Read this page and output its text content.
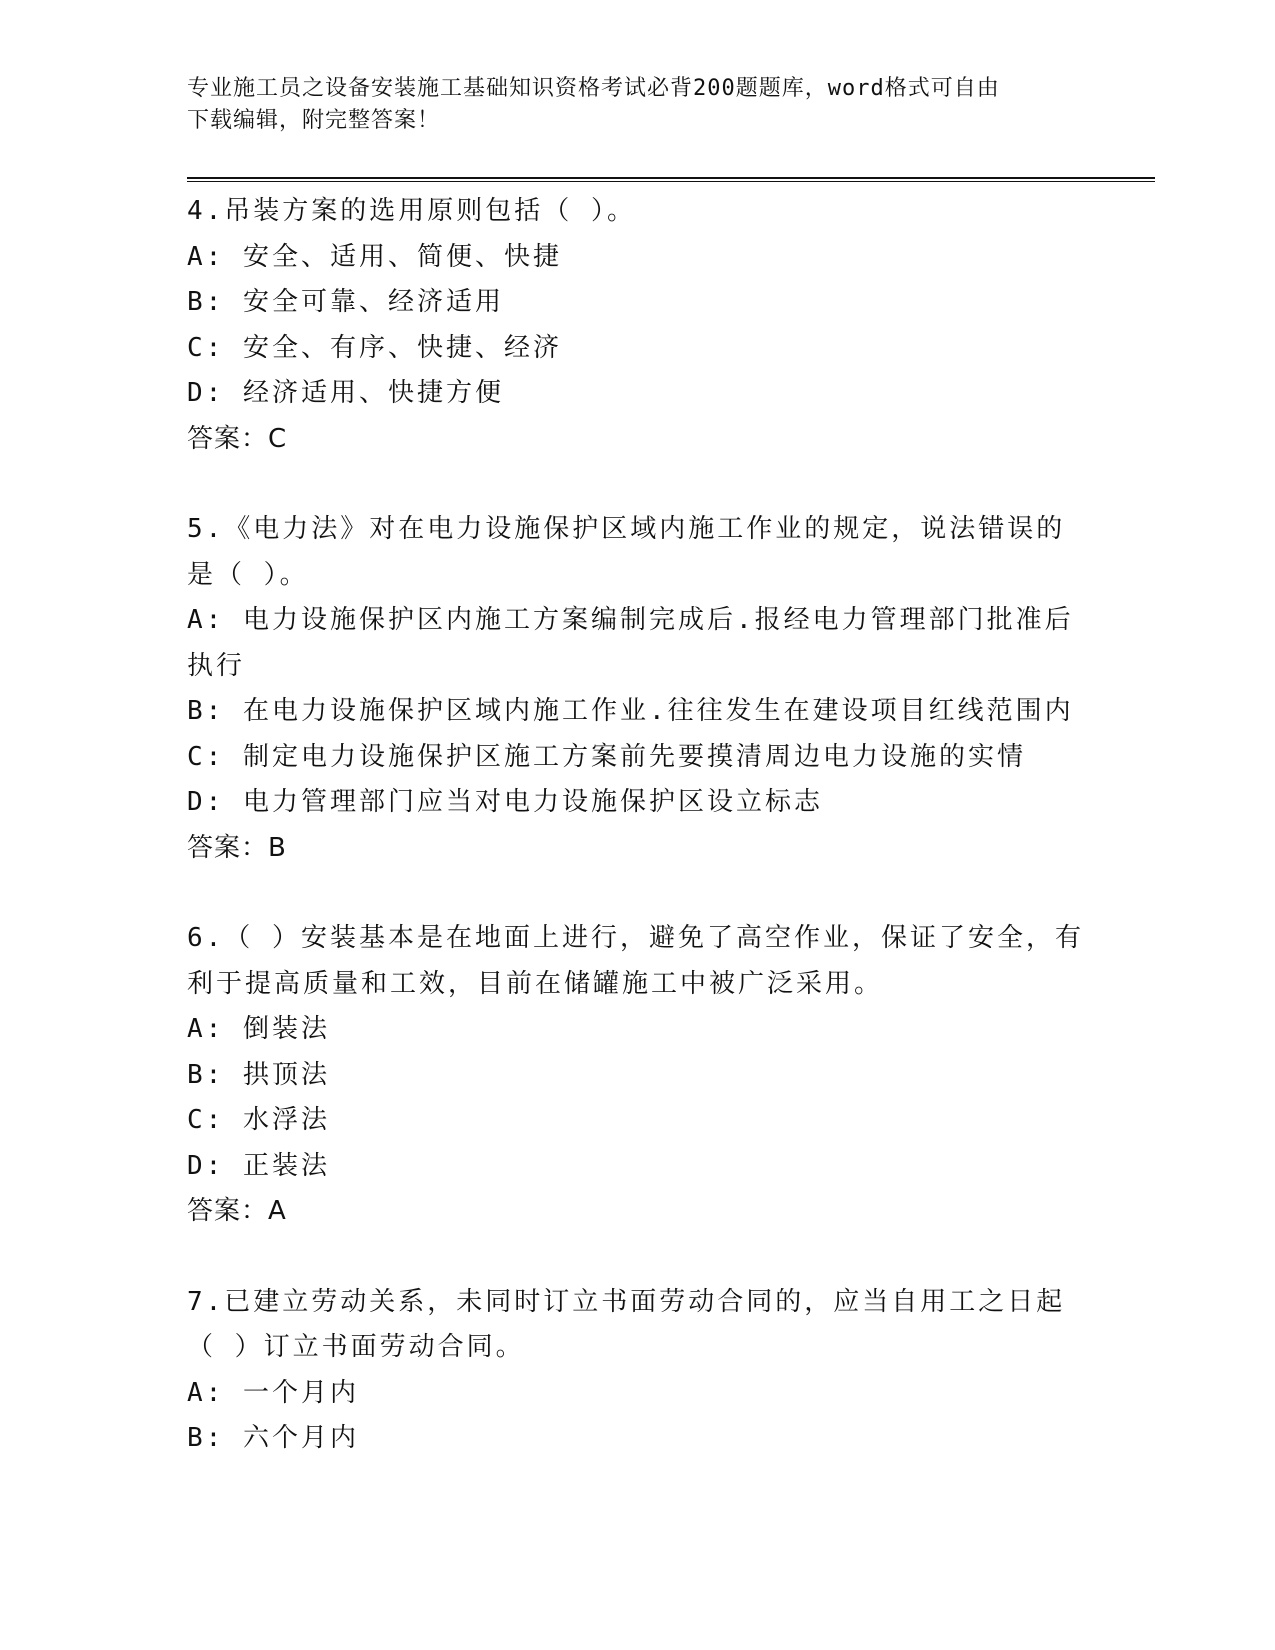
专业施工员之设备安装施工基础知识资格考试必背200题题库，word格式可自由
下载编辑，附完整答案！
4.吊装方案的选用原则包括（ ）。
A: 安全、适用、简便、快捷
B: 安全可靠、经济适用
C: 安全、有序、快捷、经济
D: 经济适用、快捷方便
答案：C
5.《电力法》对在电力设施保护区域内施工作业的规定，说法错误的
是（ ）。
A: 电力设施保护区内施工方案编制完成后.报经电力管理部门批准后
执行
B: 在电力设施保护区域内施工作业.往往发生在建设项目红线范围内
C: 制定电力设施保护区施工方案前先要摸清周边电力设施的实情
D: 电力管理部门应当对电力设施保护区设立标志
答案：B
6.（ ）安装基本是在地面上进行，避免了高空作业，保证了安全，有
利于提高质量和工效，目前在储罐施工中被广泛采用。
A: 倒装法
B: 拱顶法
C: 水浮法
D: 正装法
答案：A
7.已建立劳动关系，未同时订立书面劳动合同的，应当自用工之日起
（ ）订立书面劳动合同。
A: 一个月内
B: 六个月内
